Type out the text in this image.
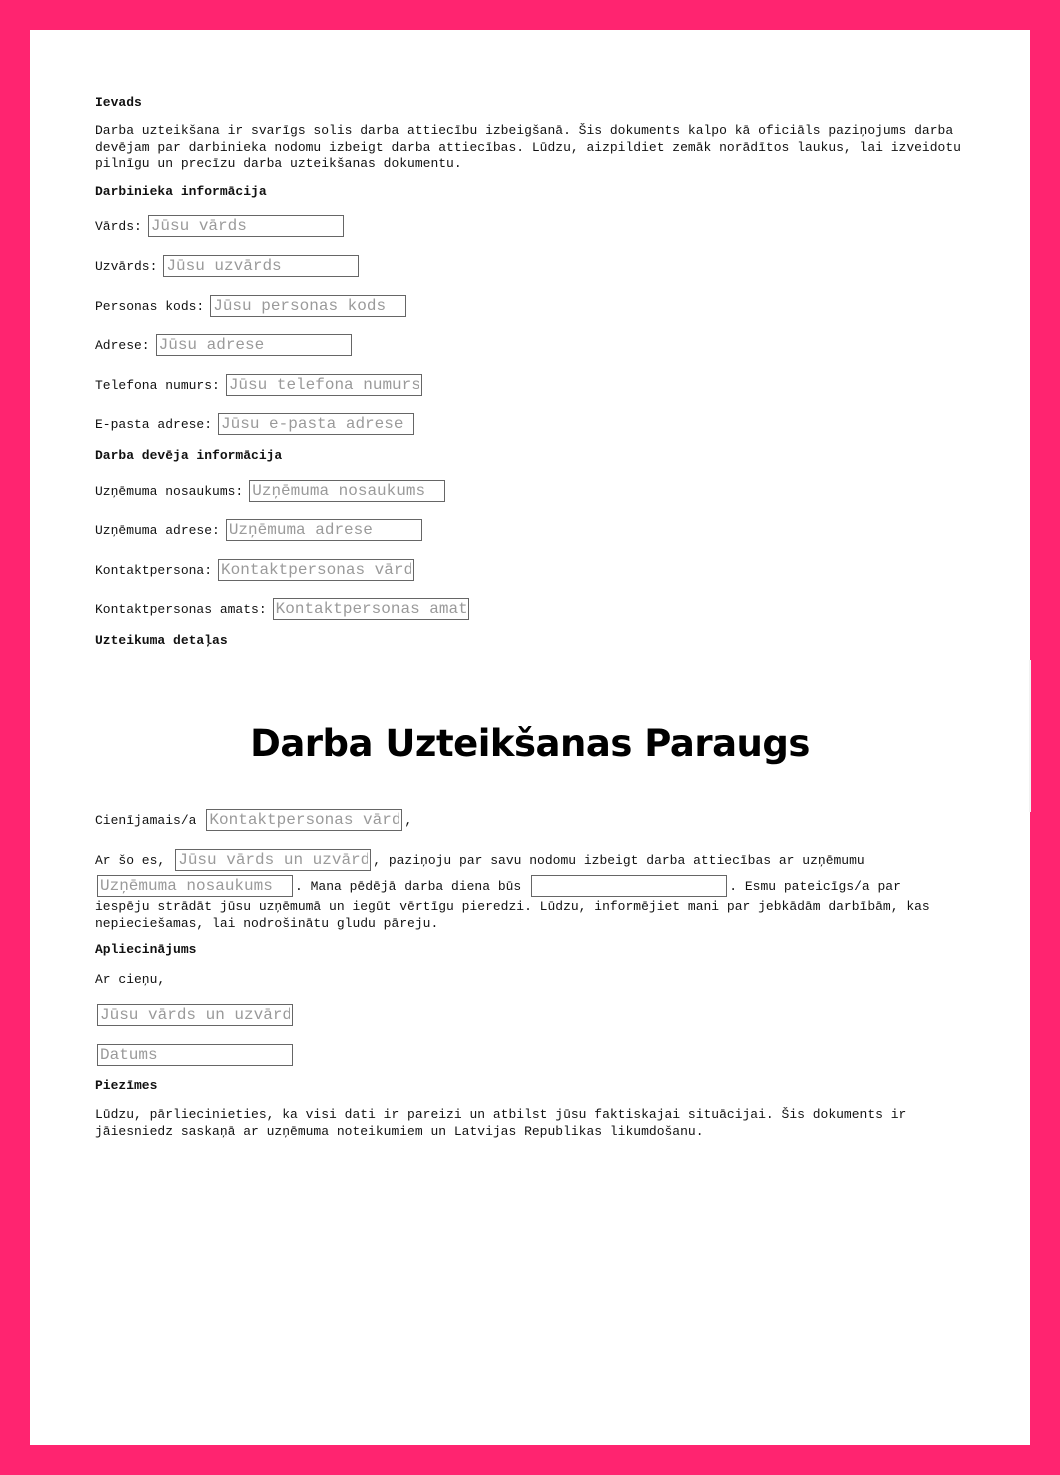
Ievads
Darba uzteikšana ir svarīgs solis darba attiecību izbeigšanā. Šis dokuments kalpo kā oficiāls paziņojums darba devējam par darbinieka nodomu izbeigt darba attiecības. Lūdzu, aizpildiet zemāk norādītos laukus, lai izveidotu pilnīgu un precīzu darba uzteikšanas dokumentu.
Darbinieka informācija
Vārds:
Jūsu vārds
Uzvārds:
Jūsu uzvārds
Personas kods:
Jūsu personas kods
Adrese:
Jūsu adrese
Telefona numurs:
Jūsu telefona numurs
E-pasta adrese:
Jūsu e-pasta adrese
Darba devēja informācija
Uzņēmuma nosaukums:
Uzņēmuma nosaukums
Uzņēmuma adrese:
Uzņēmuma adrese
Kontaktpersona:
Kontaktpersonas vārds
Kontaktpersonas amats:
Kontaktpersonas amats
Uzteikuma detaļas
Darba Uzteikšanas Paraugs
Cienījamais/a
Kontaktpersonas vārds	,
Ar šo es,
Jūsu vārds un uzvārds	, paziņoju par savu nodomu izbeigt darba attiecības ar uzņēmumu
Uzņēmuma nosaukums
. Mana pēdējā darba diena būs	. Esmu pateicīgs/a par
iespēju strādāt jūsu uzņēmumā un iegūt vērtīgu pieredzi. Lūdzu, informējiet mani par jebkādām darbībām, kas nepieciešamas, lai nodrošinātu gludu pāreju.
Apliecinājums
Ar cieņu,
Jūsu vārds un uzvārds
Datums
Piezīmes
Lūdzu, pārliecinieties, ka visi dati ir pareizi un atbilst jūsu faktiskajai situācijai. Šis dokuments ir jāiesniedz saskaņā ar uzņēmuma noteikumiem un Latvijas Republikas likumdošanu.
